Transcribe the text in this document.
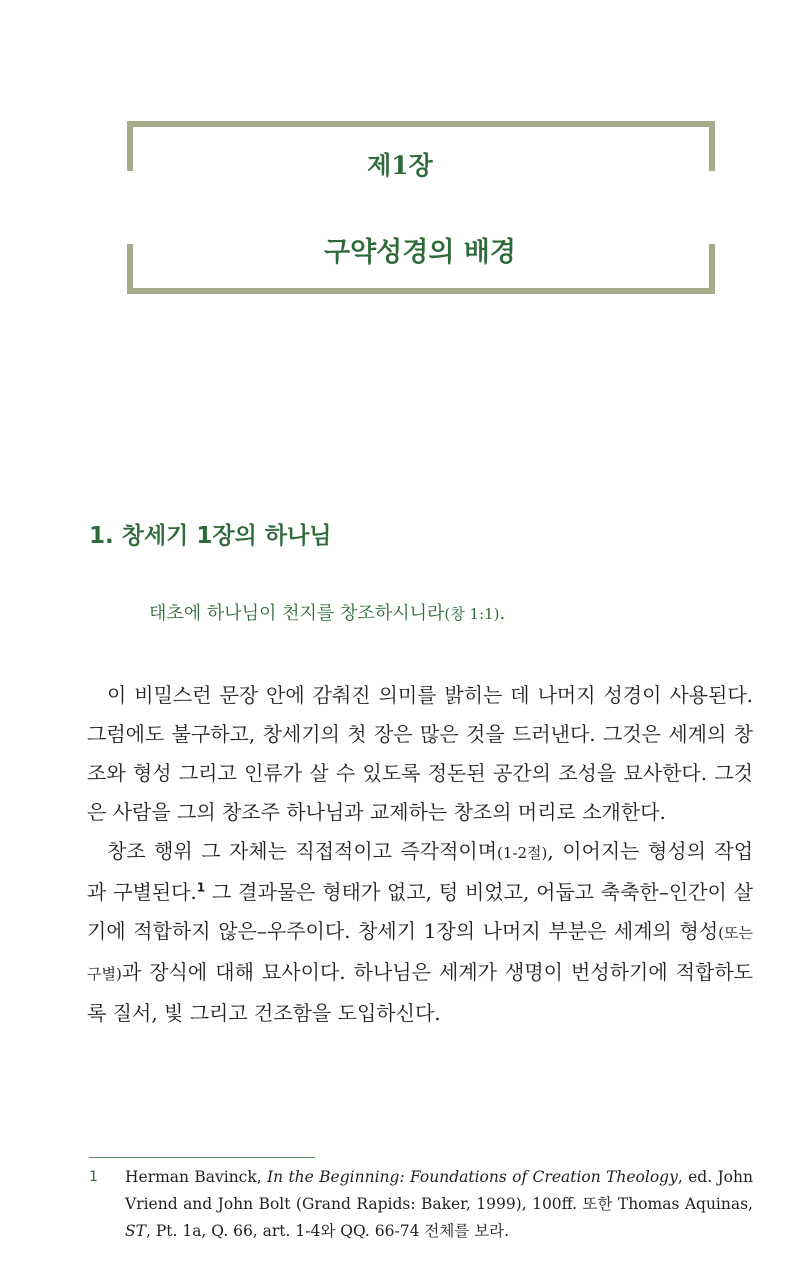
제1장
구약성경의 배경
1. 창세기 1장의 하나님
태초에 하나님이 천지를 창조하시니라(창 1:1).

이 비밀스런 문장 안에 감춰진 의미를 밝히는 데 나머지 성경이 사용된다. 그럼에도 불구하고, 창세기의 첫 장은 많은 것을 드러낸다. 그것은 세계의 창조와 형성 그리고 인류가 살 수 있도록 정돈된 공간의 조성을 묘사한다. 그것은 사람을 그의 창조주 하나님과 교제하는 창조의 머리로 소개한다.

창조 행위 그 자체는 직접적이고 즉각적이며(1-2절), 이어지는 형성의 작업과 구별된다.$^1$ 그 결과물은 형태가 없고, 텅 비었고, 어둡고 축축한–인간이 살기에 적합하지 않은–우주이다. 창세기 1장의 나머지 부분은 세계의 형성(또는 구별)과 장식에 대해 묘사이다. 하나님은 세계가 생명이 번성하기에 적합하도록 질서, 빛 그리고 건조함을 도입하신다.

1 Herman Bavinck, In the Beginning: Foundations of Creation Theology, ed. John Vriend and John Bolt (Grand Rapids: Baker, 1999), 100ff. 또한 Thomas Aquinas, ST, Pt. 1a, Q. 66, art. 1-4와 QQ. 66-74 전체를 보라.
